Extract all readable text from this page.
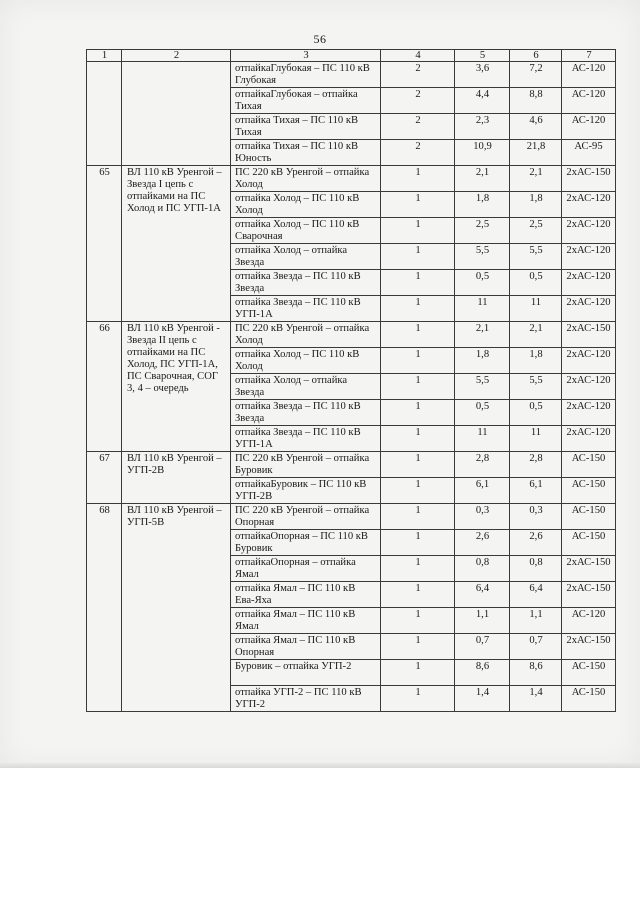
56
1	2	3	4	5	6	7
		отпайкаГлубокая – ПС 110 кВ Глубокая	2	3,6	7,2	АС-120
		отпайкаГлубокая – отпайка Тихая	2	4,4	8,8	АС-120
		отпайка Тихая – ПС 110 кВ Тихая	2	2,3	4,6	АС-120
		отпайка Тихая – ПС 110 кВ Юность	2	10,9	21,8	АС-95
65	ВЛ 110 кВ Уренгой – Звезда I цепь с отпайками на ПС Холод и ПС УГП-1А	ПС 220 кВ Уренгой – отпайка Холод	1	2,1	2,1	2хАС-150
		отпайка Холод – ПС 110 кВ Холод	1	1,8	1,8	2хАС-120
		отпайка Холод – ПС 110 кВ Сварочная	1	2,5	2,5	2хАС-120
		отпайка Холод – отпайка Звезда	1	5,5	5,5	2хАС-120
		отпайка Звезда – ПС 110 кВ Звезда	1	0,5	0,5	2хАС-120
		отпайка Звезда – ПС 110 кВ УГП-1А	1	11	11	2хАС-120
66	ВЛ 110 кВ Уренгой - Звезда II цепь с отпайками на ПС Холод, ПС УГП-1А, ПС Сварочная, СОГ 3, 4 – очередь	ПС 220 кВ Уренгой – отпайка Холод	1	2,1	2,1	2хАС-150
		отпайка Холод – ПС 110 кВ Холод	1	1,8	1,8	2хАС-120
		отпайка Холод – отпайка Звезда	1	5,5	5,5	2хАС-120
		отпайка Звезда – ПС 110 кВ Звезда	1	0,5	0,5	2хАС-120
		отпайка Звезда – ПС 110 кВ УГП-1А	1	11	11	2хАС-120
67	ВЛ 110 кВ Уренгой – УГП-2В	ПС 220 кВ Уренгой – отпайка Буровик	1	2,8	2,8	АС-150
		отпайкаБуровик – ПС 110 кВ УГП-2В	1	6,1	6,1	АС-150
68	ВЛ 110 кВ Уренгой – УГП-5В	ПС 220 кВ Уренгой – отпайка Опорная	1	0,3	0,3	АС-150
		отпайкаОпорная – ПС 110 кВ Буровик	1	2,6	2,6	АС-150
		отпайкаОпорная – отпайка Ямал	1	0,8	0,8	2хАС-150
		отпайка Ямал – ПС 110 кВ Ева-Яха	1	6,4	6,4	2хАС-150
		отпайка Ямал – ПС 110 кВ Ямал	1	1,1	1,1	АС-120
		отпайка Ямал – ПС 110 кВ Опорная	1	0,7	0,7	2хАС-150
		Буровик – отпайка УГП-2	1	8,6	8,6	АС-150
		отпайка УГП-2 – ПС 110 кВ УГП-2	1	1,4	1,4	АС-150
